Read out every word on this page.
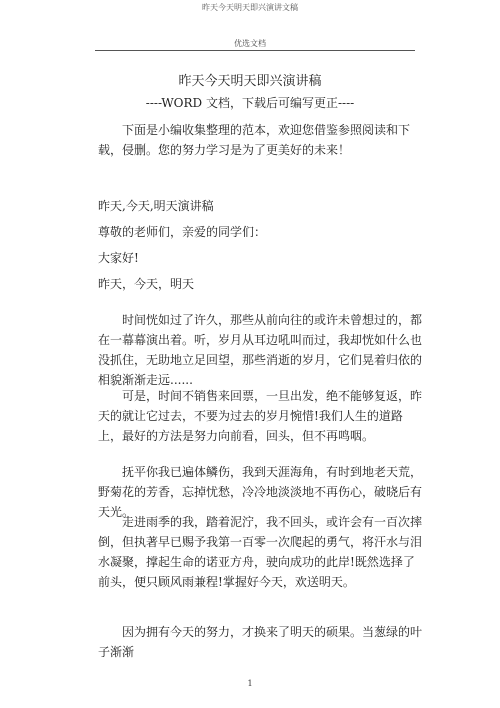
昨天今天明天即兴演讲文稿
优选文档
昨天今天明天即兴演讲稿
----WORD 文档，下载后可编写更正----

下面是小编收集整理的范本，欢迎您借鉴参照阅读和下载，侵删。您的努力学习是为了更美好的未来！

昨天,今天,明天演讲稿

尊敬的老师们，亲爱的同学们：

大家好!

昨天，今天，明天

时间恍如过了许久，那些从前向往的或许未曾想过的，都在一幕幕演出着。听，岁月从耳边吼叫而过，我却恍如什么也没抓住，无助地立足回望，那些消逝的岁月，它们晃着归依的相貌渐渐走远......

可是，时间不销售来回票，一旦出发，绝不能够复返，昨天的就让它过去，不要为过去的岁月惋惜!我们人生的道路上，最好的方法是努力向前看，回头，但不再鸣咽。

抚平你我已遍体鳞伤，我到天涯海角，有时到地老天荒，野菊花的芳香，忘掉忧愁，冷冷地淡淡地不再伤心，破晓后有天光。

走进雨季的我，踏着泥泞，我不回头，或许会有一百次摔倒，但执著早已赐予我第一百零一次爬起的勇气，将汗水与泪水凝聚，撑起生命的诺亚方舟，驶向成功的此岸!既然选择了前头，便只顾风雨兼程!掌握好今天，欢送明天。

因为拥有今天的努力，才换来了明天的硕果。当葱绿的叶子渐渐

1
